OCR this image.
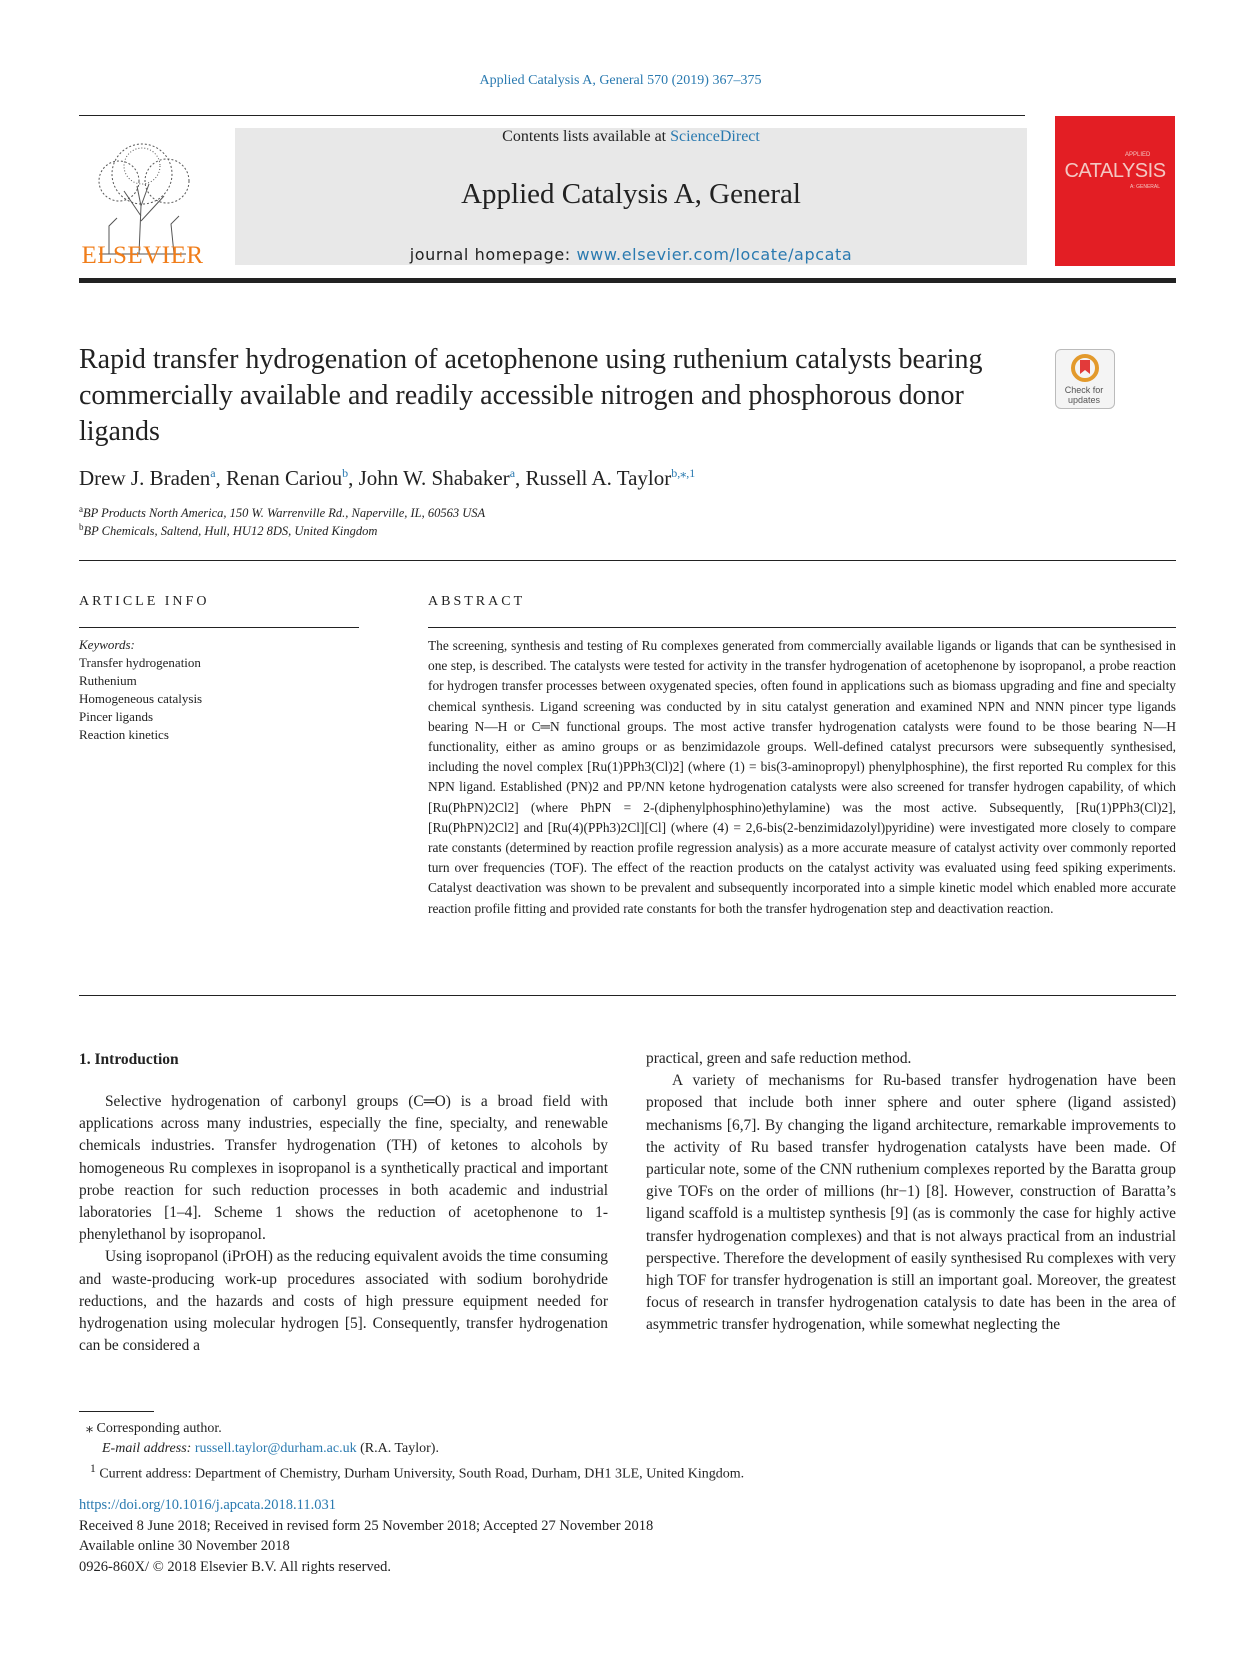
Applied Catalysis A, General 570 (2019) 367–375
ELSEVIER
Contents lists available at ScienceDirect
Applied Catalysis A, General
journal homepage: www.elsevier.com/locate/apcata
APPLIED
CATALYSIS
A: GENERAL
Rapid transfer hydrogenation of acetophenone using ruthenium catalysts bearing commercially available and readily accessible nitrogen and phosphorous donor ligands
Check for updates
Drew J. Braden$^a$, Renan Cariou$^b$, John W. Shabaker$^a$, Russell A. Taylor$^{b,⁎,1}$
$^a$BP Products North America, 150 W. Warrenville Rd., Naperville, IL, 60563 USA
$^b$BP Chemicals, Saltend, Hull, HU12 8DS, United Kingdom
ARTICLE INFO
Keywords:
Transfer hydrogenation
Ruthenium
Homogeneous catalysis
Pincer ligands
Reaction kinetics
ABSTRACT
The screening, synthesis and testing of Ru complexes generated from commercially available ligands or ligands that can be synthesised in one step, is described. The catalysts were tested for activity in the transfer hydrogenation of acetophenone by isopropanol, a probe reaction for hydrogen transfer processes between oxygenated species, often found in applications such as biomass upgrading and fine and specialty chemical synthesis. Ligand screening was conducted by in situ catalyst generation and examined NPN and NNN pincer type ligands bearing N—H or C═N functional groups. The most active transfer hydrogenation catalysts were found to be those bearing N—H functionality, either as amino groups or as benzimidazole groups. Well-defined catalyst precursors were subsequently synthesised, including the novel complex [Ru(1)PPh3(Cl)2] (where (1) = bis(3-aminopropyl) phenylphosphine), the first reported Ru complex for this NPN ligand. Established (PN)2 and PP/NN ketone hydrogenation catalysts were also screened for transfer hydrogen capability, of which [Ru(PhPN)2Cl2] (where PhPN = 2-(diphenylphosphino)ethylamine) was the most active. Subsequently, [Ru(1)PPh3(Cl)2], [Ru(PhPN)2Cl2] and [Ru(4)(PPh3)2Cl][Cl] (where (4) = 2,6-bis(2-benzimidazolyl)pyridine) were investigated more closely to compare rate constants (determined by reaction profile regression analysis) as a more accurate measure of catalyst activity over commonly reported turn over frequencies (TOF). The effect of the reaction products on the catalyst activity was evaluated using feed spiking experiments. Catalyst deactivation was shown to be prevalent and subsequently incorporated into a simple kinetic model which enabled more accurate reaction profile fitting and provided rate constants for both the transfer hydrogenation step and deactivation reaction.
1. Introduction

Selective hydrogenation of carbonyl groups (C═O) is a broad field with applications across many industries, especially the fine, specialty, and renewable chemicals industries. Transfer hydrogenation (TH) of ketones to alcohols by homogeneous Ru complexes in isopropanol is a synthetically practical and important probe reaction for such reduction processes in both academic and industrial laboratories [1–4]. Scheme 1 shows the reduction of acetophenone to 1-phenylethanol by isopropanol.

Using isopropanol (iPrOH) as the reducing equivalent avoids the time consuming and waste-producing work-up procedures associated with sodium borohydride reductions, and the hazards and costs of high pressure equipment needed for hydrogenation using molecular hydrogen [5]. Consequently, transfer hydrogenation can be considered a

practical, green and safe reduction method.

A variety of mechanisms for Ru-based transfer hydrogenation have been proposed that include both inner sphere and outer sphere (ligand assisted) mechanisms [6,7]. By changing the ligand architecture, remarkable improvements to the activity of Ru based transfer hydrogenation catalysts have been made. Of particular note, some of the CNN ruthenium complexes reported by the Baratta group give TOFs on the order of millions (hr−1) [8]. However, construction of Baratta’s ligand scaffold is a multistep synthesis [9] (as is commonly the case for highly active transfer hydrogenation complexes) and that is not always practical from an industrial perspective. Therefore the development of easily synthesised Ru complexes with very high TOF for transfer hydrogenation is still an important goal. Moreover, the greatest focus of research in transfer hydrogenation catalysis to date has been in the area of asymmetric transfer hydrogenation, while somewhat neglecting the

⁎ Corresponding author.
E-mail address: russell.taylor@durham.ac.uk (R.A. Taylor).
$^1$ Current address: Department of Chemistry, Durham University, South Road, Durham, DH1 3LE, United Kingdom.
https://doi.org/10.1016/j.apcata.2018.11.031
Received 8 June 2018; Received in revised form 25 November 2018; Accepted 27 November 2018
Available online 30 November 2018
0926-860X/ © 2018 Elsevier B.V. All rights reserved.
